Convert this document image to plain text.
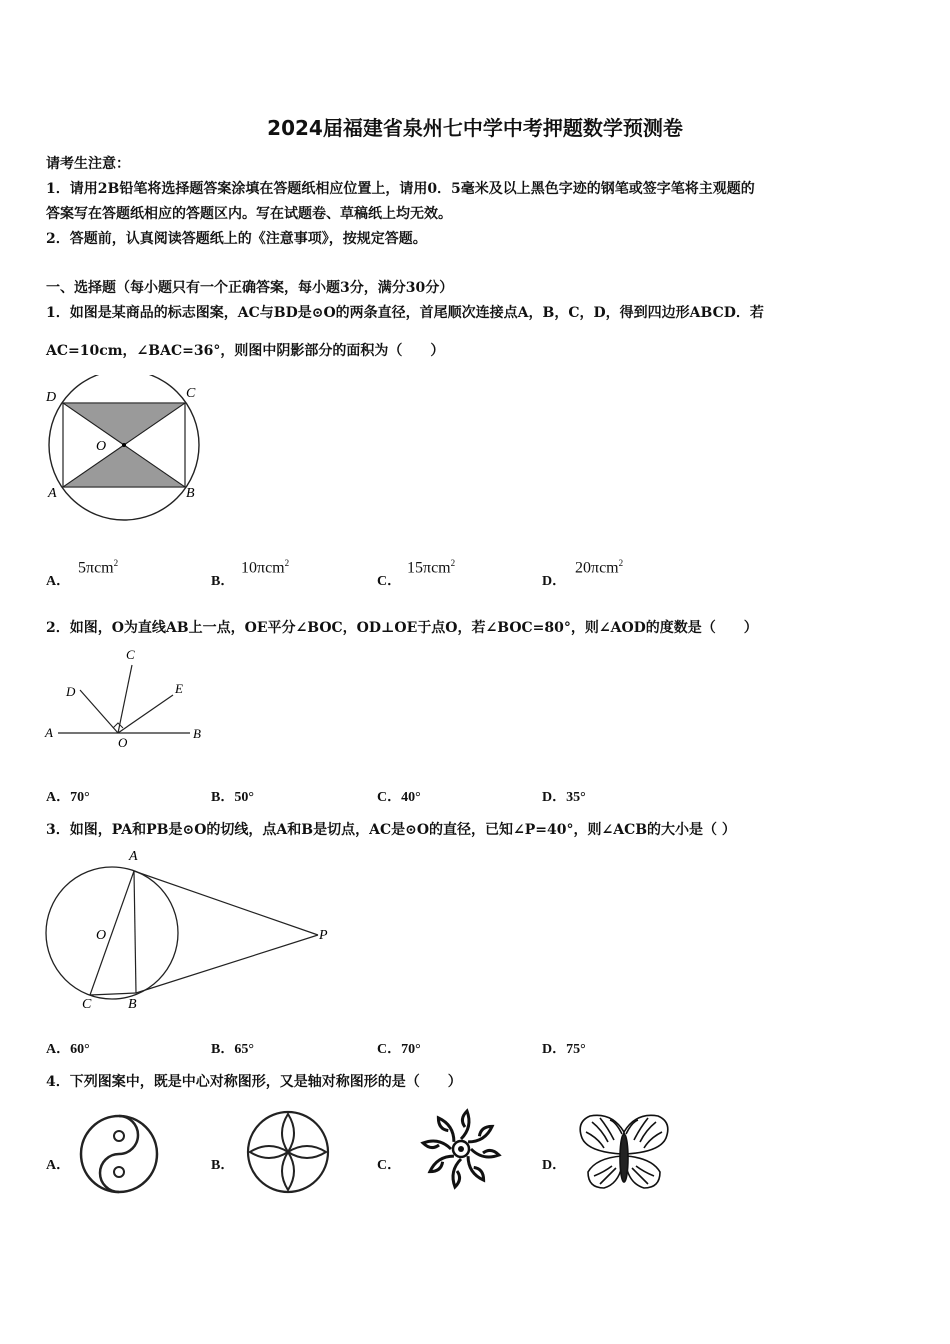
2024届福建省泉州七中学中考押题数学预测卷
请考生注意：
1．请用2B铅笔将选择题答案涂填在答题纸相应位置上，请用0．5毫米及以上黑色字迹的钢笔或签字笔将主观题的
答案写在答题纸相应的答题区内。写在试题卷、草稿纸上均无效。
2．答题前，认真阅读答题纸上的《注意事项》，按规定答题。
一、选择题（每小题只有一个正确答案，每小题3分，满分30分）
1．如图是某商品的标志图案，AC与BD是⊙O的两条直径，首尾顺次连接点A，B，C，D，得到四边形ABCD．若
AC=10cm，∠BAC=36°，则图中阴影部分的面积为（　　）
D	C
O
A	B
A．
5πcm$^2$
B．
10πcm$^2$
C．
15πcm$^2$
D．
20πcm$^2$
2．如图，O为直线AB上一点，OE平分∠BOC，OD⊥OE于点O，若∠BOC=80°，则∠AOD的度数是（　　）
C
D	E
A	B
O
A．70°	B．50°	C．40°	D．35°
3．如图，PA和PB是⊙O的切线，点A和B是切点，AC是⊙O的直径，已知∠P=40°，则∠ACB的大小是（ ）
A
O	P
C	B
A．60°	B．65°	C．70°	D．75°
4．下列图案中，既是中心对称图形，又是轴对称图形的是（　　）
A．	B．	C．	D．
